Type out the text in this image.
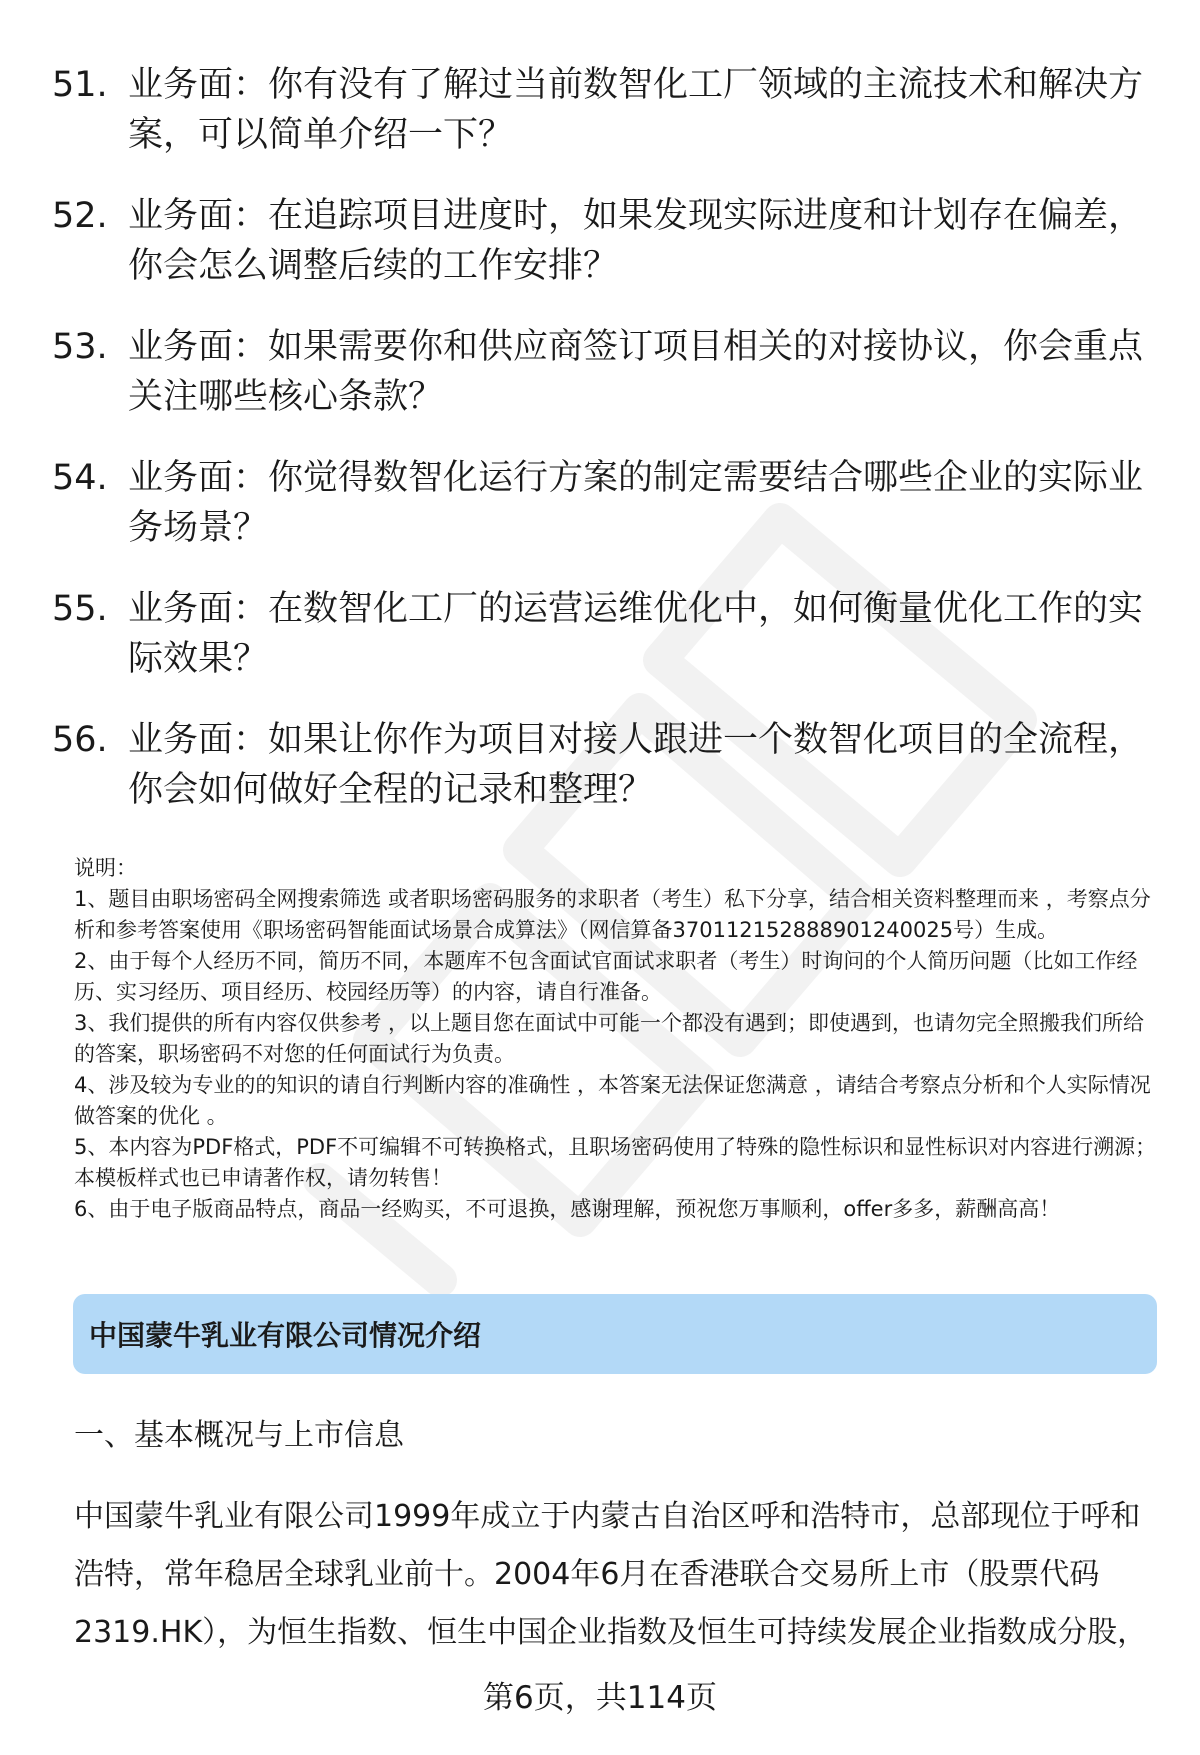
51. 业务面：你有没有了解过当前数智化工厂领域的主流技术和解决方案，可以简单介绍一下？
52. 业务面：在追踪项目进度时，如果发现实际进度和计划存在偏差，你会怎么调整后续的工作安排？
53. 业务面：如果需要你和供应商签订项目相关的对接协议，你会重点关注哪些核心条款？
54. 业务面：你觉得数智化运行方案的制定需要结合哪些企业的实际业务场景？
55. 业务面：在数智化工厂的运营运维优化中，如何衡量优化工作的实际效果？
56. 业务面：如果让你作为项目对接人跟进一个数智化项目的全流程，你会如何做好全程的记录和整理？
说明：
1、题目由职场密码全网搜索筛选 或者职场密码服务的求职者（考生）私下分享，结合相关资料整理而来 ，考察点分析和参考答案使用《职场密码智能面试场景合成算法》（网信算备370112152888901240025号）生成。
2、由于每个人经历不同，简历不同，本题库不包含面试官面试求职者（考生）时询问的个人简历问题（比如工作经历、实习经历、项目经历、校园经历等）的内容，请自行准备。
3、我们提供的所有内容仅供参考 ，以上题目您在面试中可能一个都没有遇到；即使遇到，也请勿完全照搬我们所给的答案，职场密码不对您的任何面试行为负责。
4、涉及较为专业的的知识的请自行判断内容的准确性 ，本答案无法保证您满意 ，请结合考察点分析和个人实际情况做答案的优化 。
5、本内容为PDF格式，PDF不可编辑不可转换格式，且职场密码使用了特殊的隐性标识和显性标识对内容进行溯源；本模板样式也已申请著作权，请勿转售！
6、由于电子版商品特点，商品一经购买，不可退换，感谢理解，预祝您万事顺利，offer多多，薪酬高高！
中国蒙牛乳业有限公司情况介绍
一、基本概况与上市信息
中国蒙牛乳业有限公司1999年成立于内蒙古自治区呼和浩特市，总部现位于呼和浩特，常年稳居全球乳业前十。2004年6月在香港联合交易所上市（股票代码2319.HK），为恒生指数、恒生中国企业指数及恒生可持续发展企业指数成分股，
第6页，共114页
